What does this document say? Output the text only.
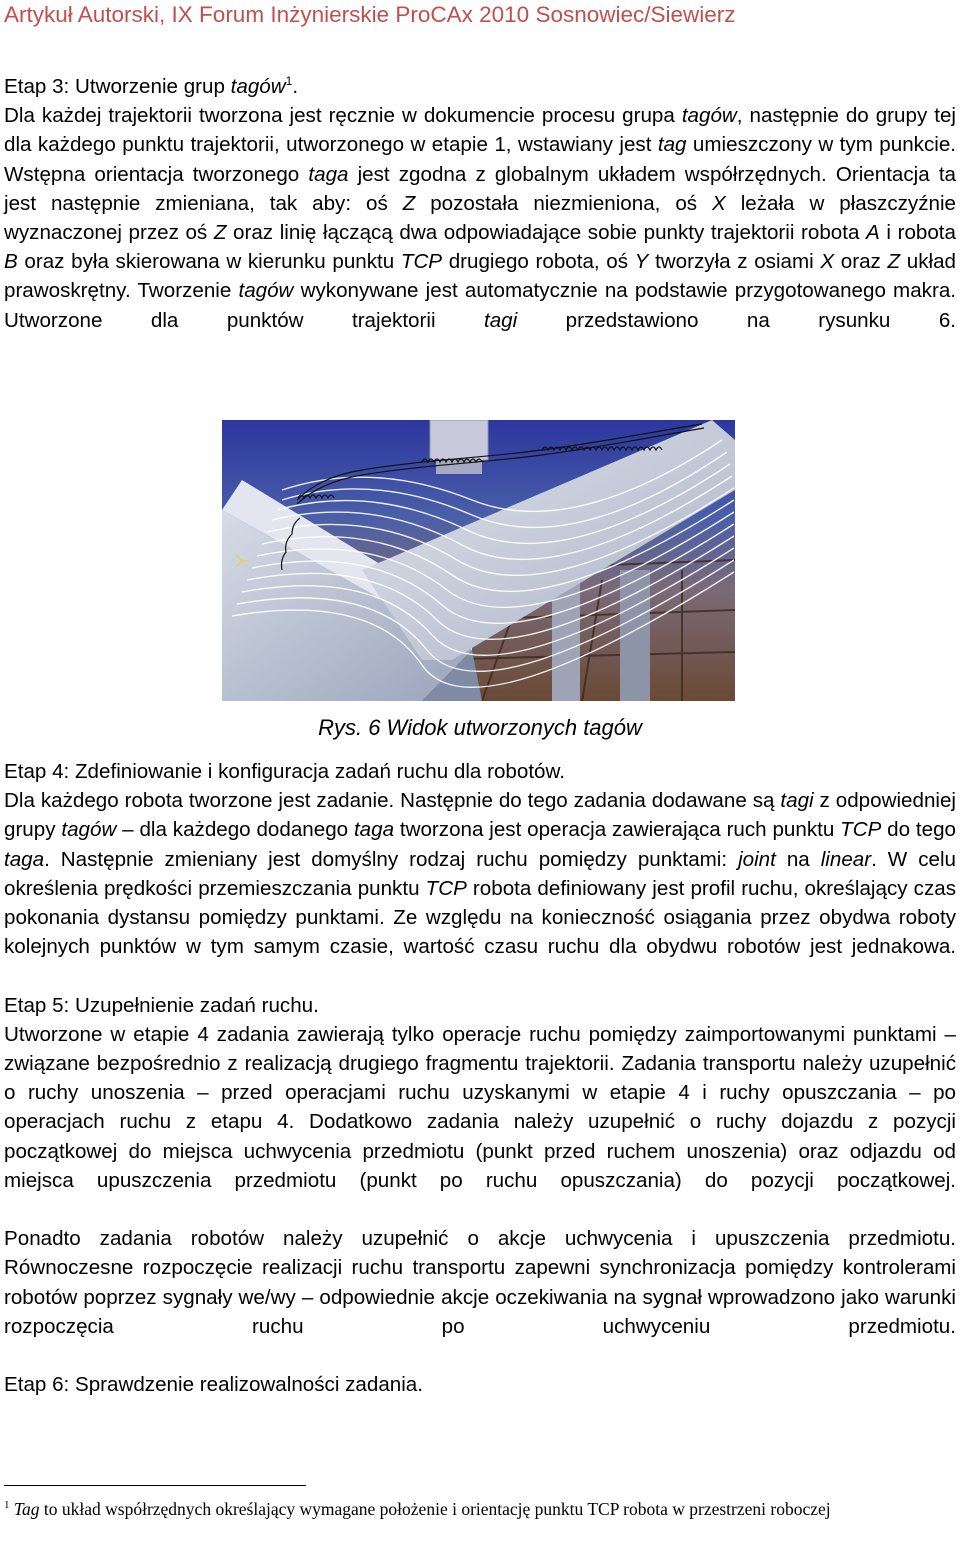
Artykuł Autorski, IX Forum Inżynierskie ProCAx 2010 Sosnowiec/Siewierz

Etap 3: Utworzenie grup tagów$^1$.

Dla każdej trajektorii tworzona jest ręcznie w dokumencie procesu grupa tagów, następnie do grupy tej dla każdego punktu trajektorii, utworzonego w etapie 1, wstawiany jest tag umieszczony w tym punkcie. Wstępna orientacja tworzonego taga jest zgodna z globalnym układem współrzędnych. Orientacja ta jest następnie zmieniana, tak aby: oś Z pozostała niezmieniona, oś X leżała w płaszczyźnie wyznaczonej przez oś Z oraz linię łączącą dwa odpowiadające sobie punkty trajektorii robota A i robota B oraz była skierowana w kierunku punktu TCP drugiego robota, oś Y tworzyła z osiami X oraz Z układ prawoskrętny. Tworzenie tagów wykonywane jest automatycznie na podstawie przygotowanego makra. Utworzone dla punktów trajektorii tagi przedstawiono na rysunku 6.

Rys. 6 Widok utworzonych tagów

Etap 4: Zdefiniowanie i konfiguracja zadań ruchu dla robotów.

Dla każdego robota tworzone jest zadanie. Następnie do tego zadania dodawane są tagi z odpowiedniej grupy tagów – dla każdego dodanego taga tworzona jest operacja zawierająca ruch punktu TCP do tego taga. Następnie zmieniany jest domyślny rodzaj ruchu pomiędzy punktami: joint na linear. W celu określenia prędkości przemieszczania punktu TCP robota definiowany jest profil ruchu, określający czas pokonania dystansu pomiędzy punktami. Ze względu na konieczność osiągania przez obydwa roboty kolejnych punktów w tym samym czasie, wartość czasu ruchu dla obydwu robotów jest jednakowa.

Etap 5: Uzupełnienie zadań ruchu.

Utworzone w etapie 4 zadania zawierają tylko operacje ruchu pomiędzy zaimportowanymi punktami – związane bezpośrednio z realizacją drugiego fragmentu trajektorii. Zadania transportu należy uzupełnić o ruchy unoszenia – przed operacjami ruchu uzyskanymi w etapie 4 i ruchy opuszczania – po operacjach ruchu z etapu 4. Dodatkowo zadania należy uzupełnić o ruchy dojazdu z pozycji początkowej do miejsca uchwycenia przedmiotu (punkt przed ruchem unoszenia) oraz odjazdu od miejsca upuszczenia przedmiotu (punkt po ruchu opuszczania) do pozycji początkowej.

Ponadto zadania robotów należy uzupełnić o akcje uchwycenia i upuszczenia przedmiotu. Równoczesne rozpoczęcie realizacji ruchu transportu zapewni synchronizacja pomiędzy kontrolerami robotów poprzez sygnały we/wy – odpowiednie akcje oczekiwania na sygnał wprowadzono jako warunki rozpoczęcia ruchu po uchwyceniu przedmiotu.

Etap 6: Sprawdzenie realizowalności zadania.

$^1$ Tag to układ współrzędnych określający wymagane położenie i orientację punktu TCP robota w przestrzeni roboczej
